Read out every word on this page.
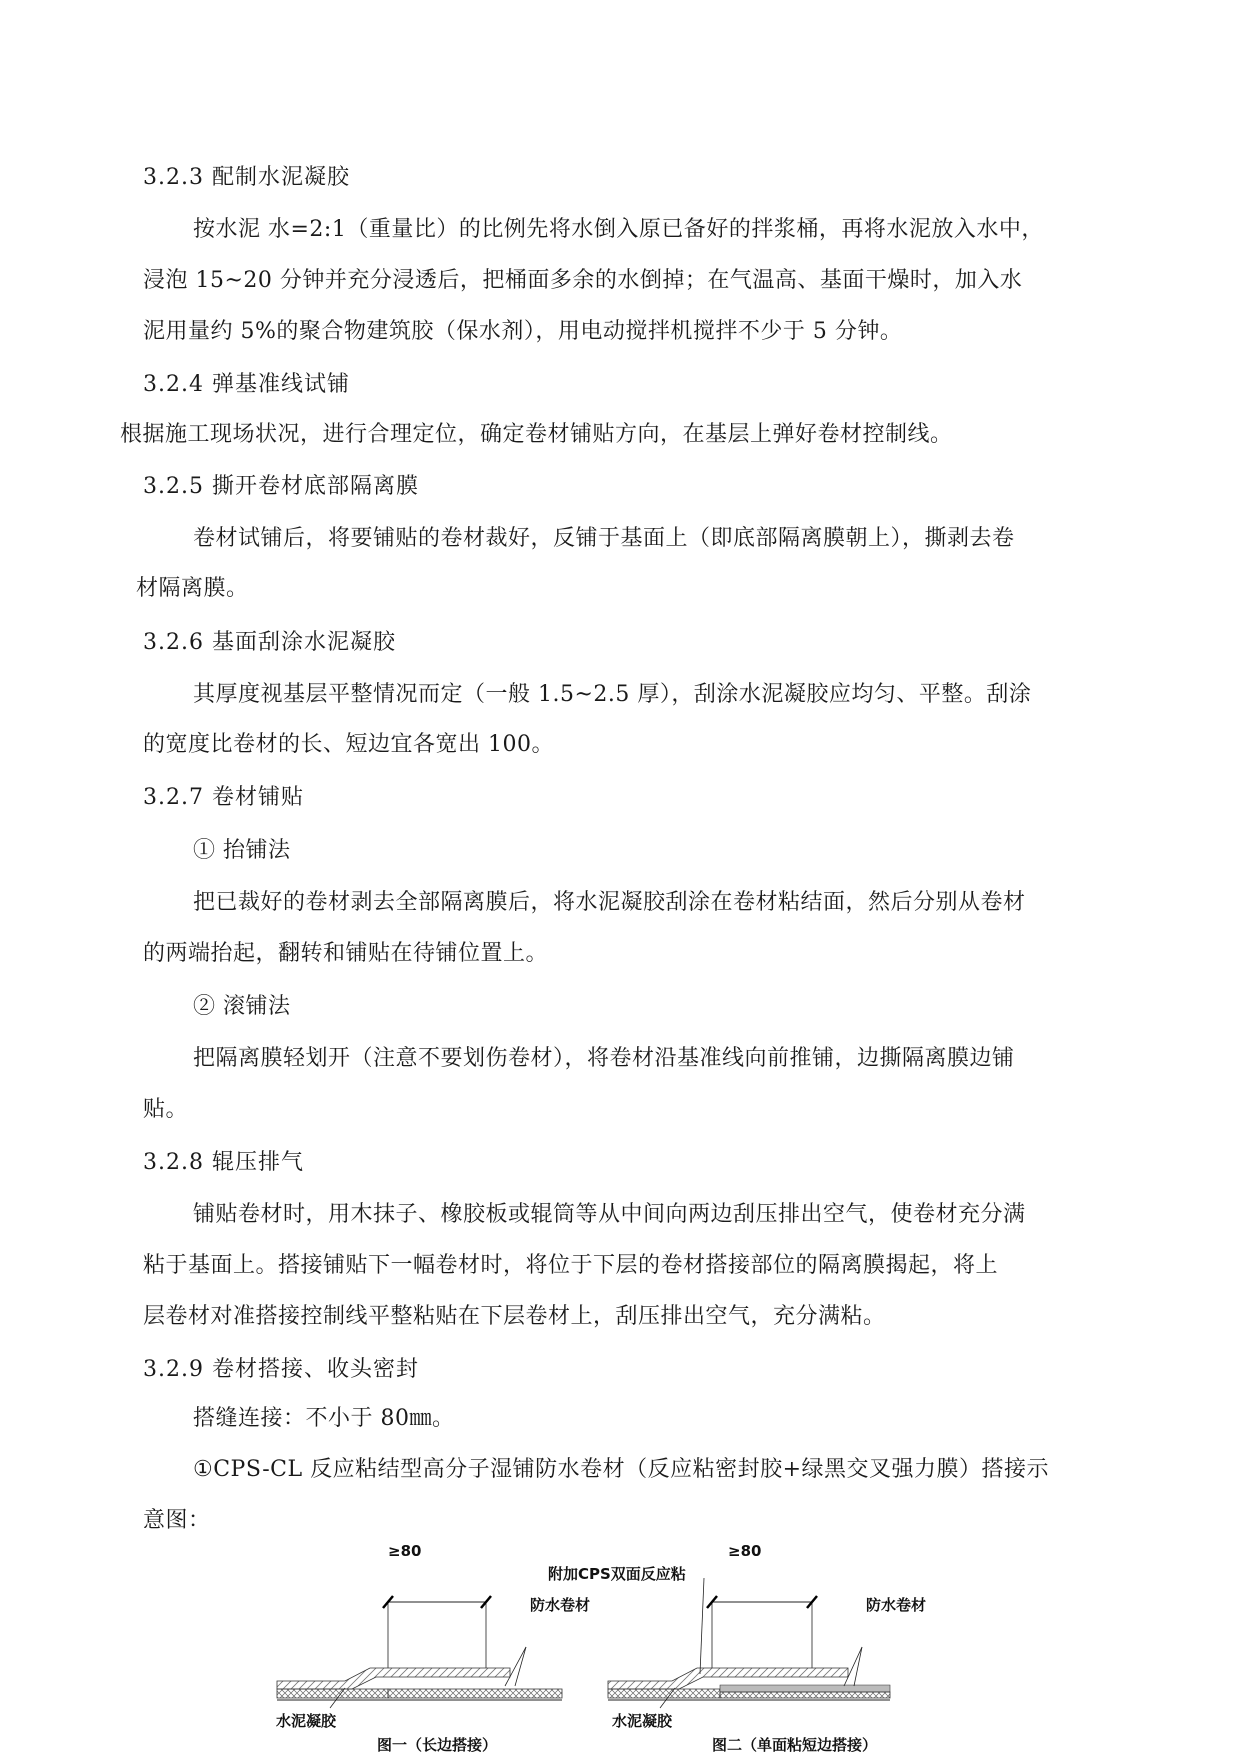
3.2.3 配制水泥凝胶
按水泥 水=2:1（重量比）的比例先将水倒入原已备好的拌浆桶，再将水泥放入水中，
浸泡 15~20 分钟并充分浸透后，把桶面多余的水倒掉；在气温高、基面干燥时，加入水
泥用量约 5%的聚合物建筑胶（保水剂），用电动搅拌机搅拌不少于 5 分钟。
3.2.4 弹基准线试铺
根据施工现场状况，进行合理定位，确定卷材铺贴方向，在基层上弹好卷材控制线。
3.2.5 撕开卷材底部隔离膜
卷材试铺后，将要铺贴的卷材裁好，反铺于基面上（即底部隔离膜朝上），撕剥去卷
材隔离膜。
3.2.6 基面刮涂水泥凝胶
其厚度视基层平整情况而定（一般 1.5~2.5 厚），刮涂水泥凝胶应均匀、平整。刮涂
的宽度比卷材的长、短边宜各宽出 100。
3.2.7 卷材铺贴
① 抬铺法
把已裁好的卷材剥去全部隔离膜后，将水泥凝胶刮涂在卷材粘结面，然后分别从卷材
的两端抬起，翻转和铺贴在待铺位置上。
② 滚铺法
把隔离膜轻划开（注意不要划伤卷材），将卷材沿基准线向前推铺，边撕隔离膜边铺
贴。
3.2.8 辊压排气
铺贴卷材时，用木抹子、橡胶板或辊筒等从中间向两边刮压排出空气，使卷材充分满
粘于基面上。搭接铺贴下一幅卷材时，将位于下层的卷材搭接部位的隔离膜揭起，将上
层卷材对准搭接控制线平整粘贴在下层卷材上，刮压排出空气，充分满粘。
3.2.9 卷材搭接、收头密封
搭缝连接：不小于 80㎜。
①CPS-CL 反应粘结型高分子湿铺防水卷材（反应粘密封胶+绿黑交叉强力膜）搭接示
意图：
≥80
防水卷材
水泥凝胶
图一（长边搭接）
≥80
附加CPS双面反应粘
防水卷材
水泥凝胶
图二（单面粘短边搭接）
